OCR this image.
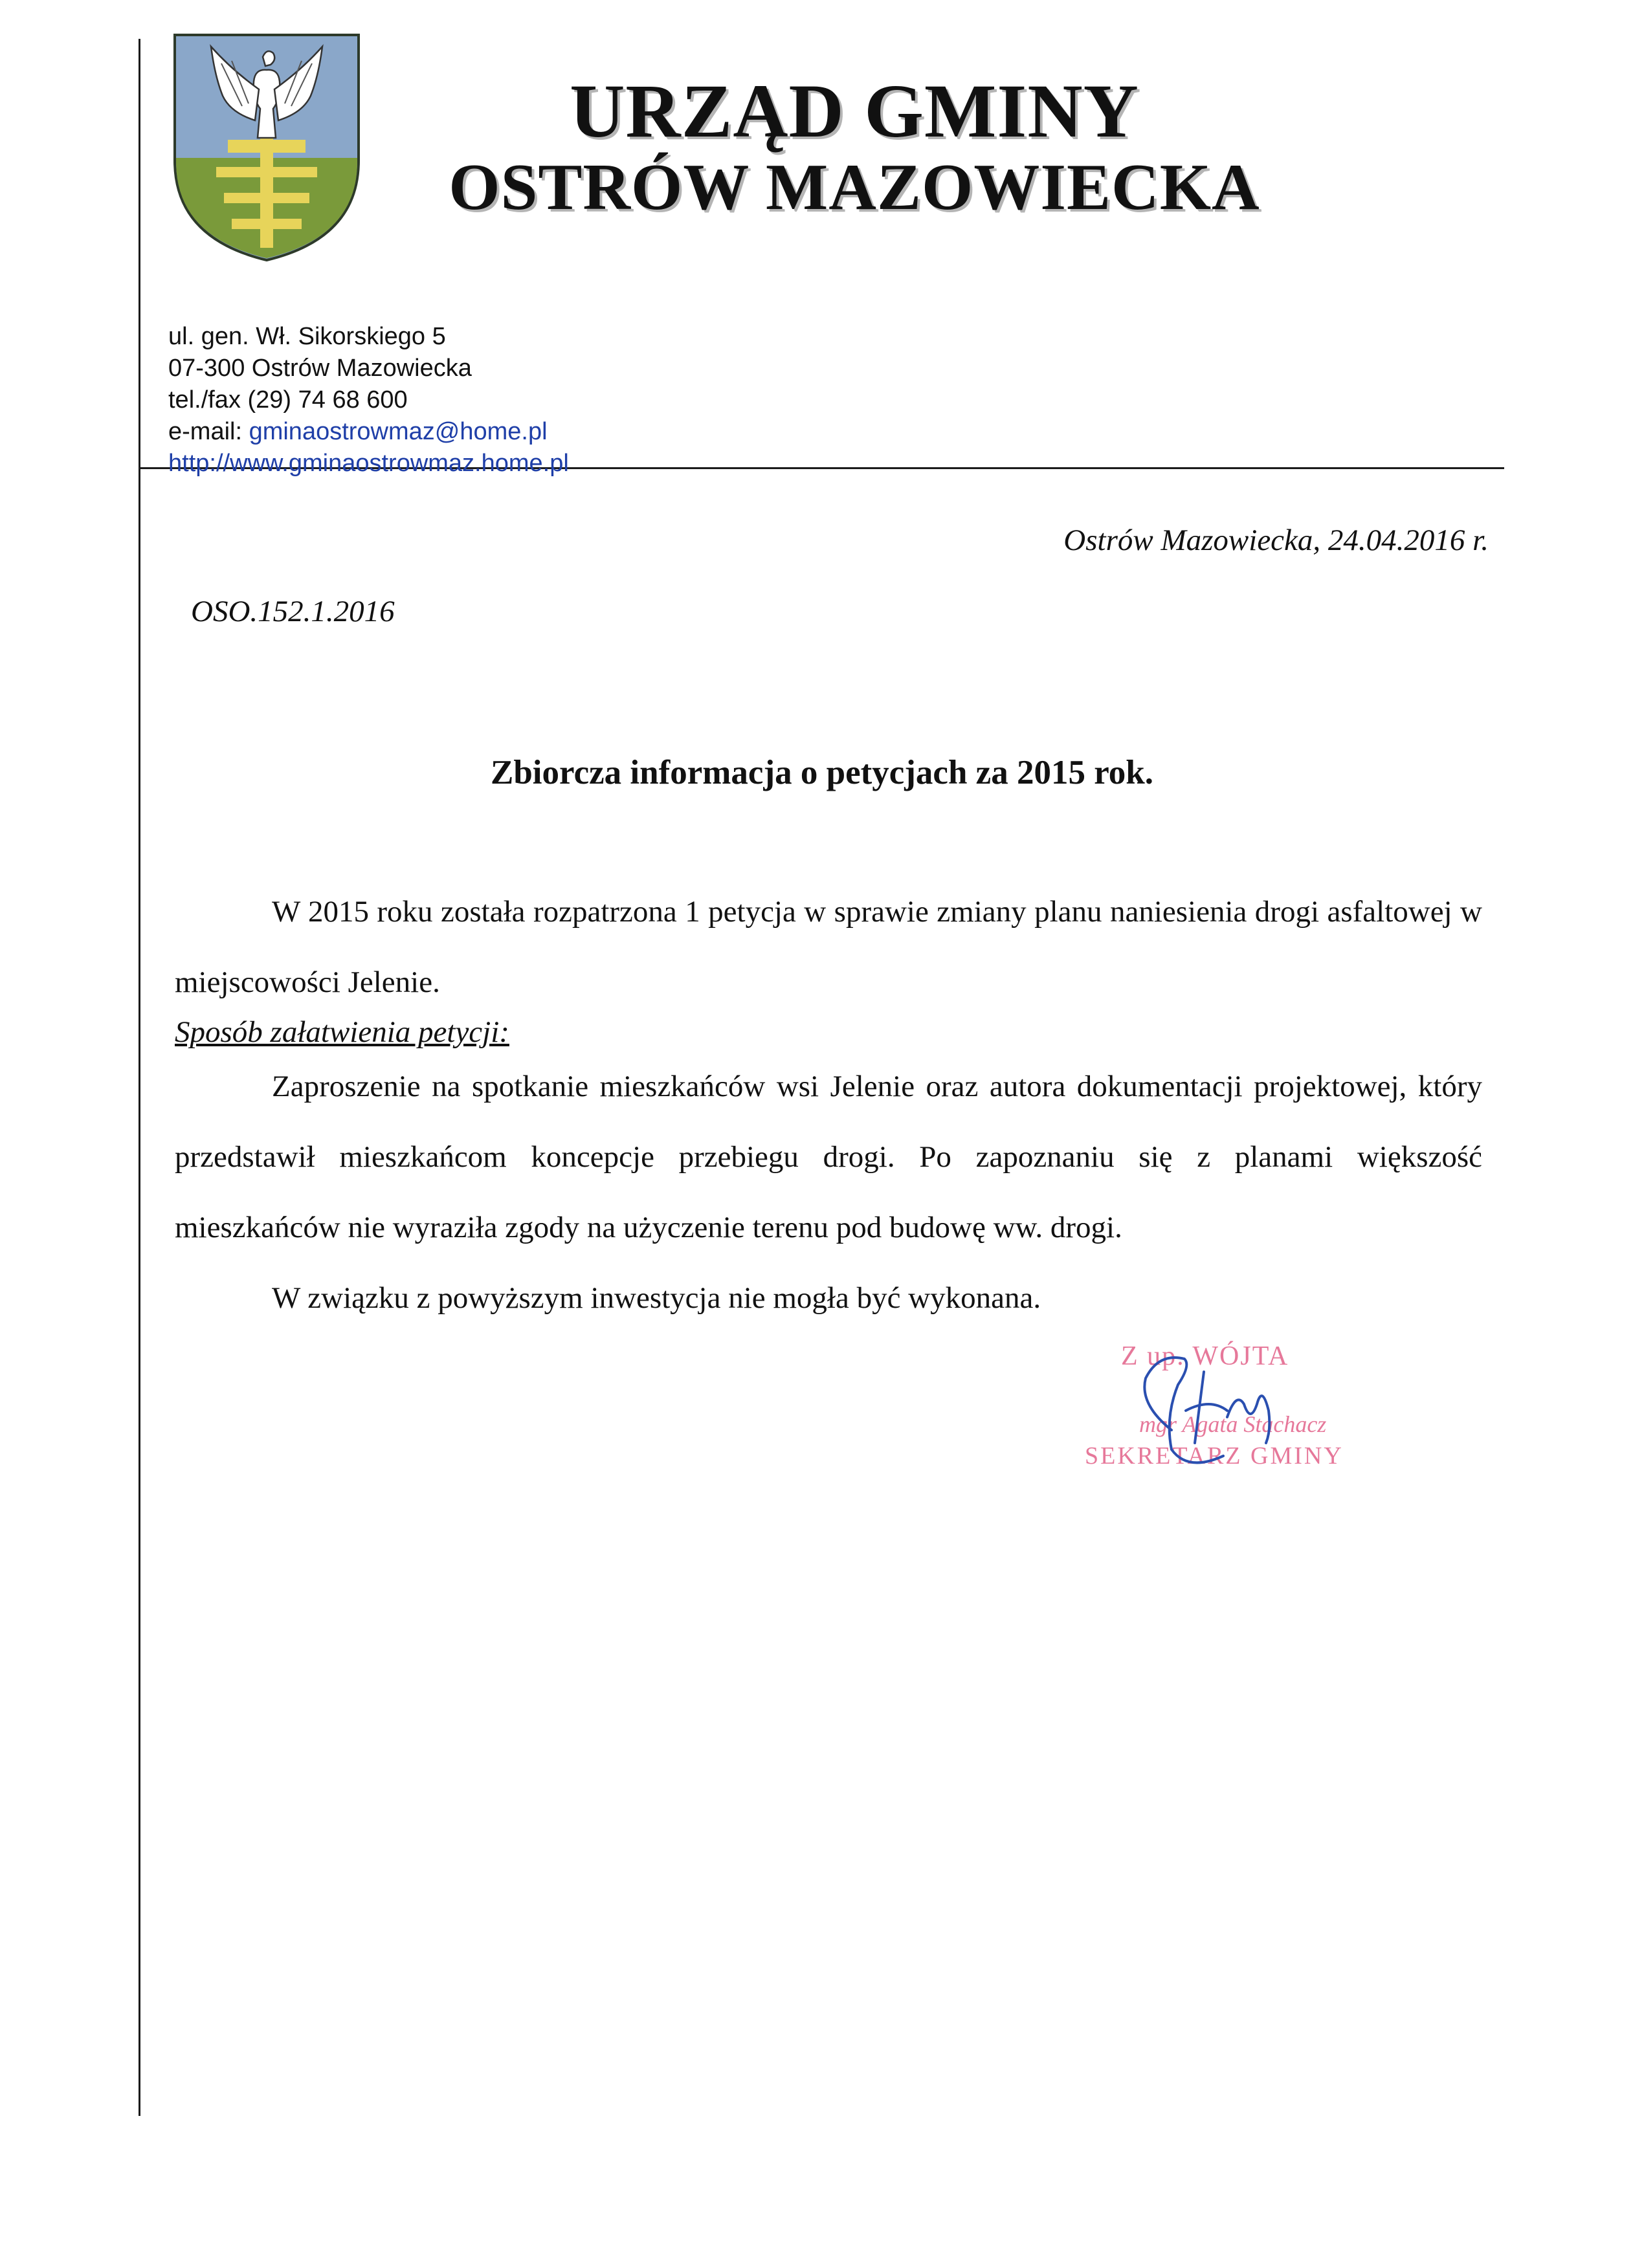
URZĄD GMINY
OSTRÓW MAZOWIECKA
ul. gen. Wł. Sikorskiego 5
07-300 Ostrów Mazowiecka
tel./fax (29) 74 68 600
e-mail: gminaostrowmaz@home.pl
http://www.gminaostrowmaz.home.pl
Ostrów Mazowiecka, 24.04.2016 r.
OSO.152.1.2016
Zbiorcza informacja o petycjach za 2015 rok.

W 2015 roku została rozpatrzona 1 petycja w sprawie zmiany planu naniesienia drogi asfaltowej w miejscowości Jelenie.

Sposób załatwienia petycji:

Zaproszenie na spotkanie mieszkańców wsi Jelenie oraz autora dokumentacji projektowej, który przedstawił mieszkańcom koncepcje przebiegu drogi. Po zapoznaniu się z planami większość mieszkańców nie wyraziła zgody na użyczenie terenu pod budowę ww. drogi.

W związku z powyższym inwestycja nie mogła być wykonana.

Z up. WÓJTA
mgr Agata Stachacz
SEKRETARZ GMINY
